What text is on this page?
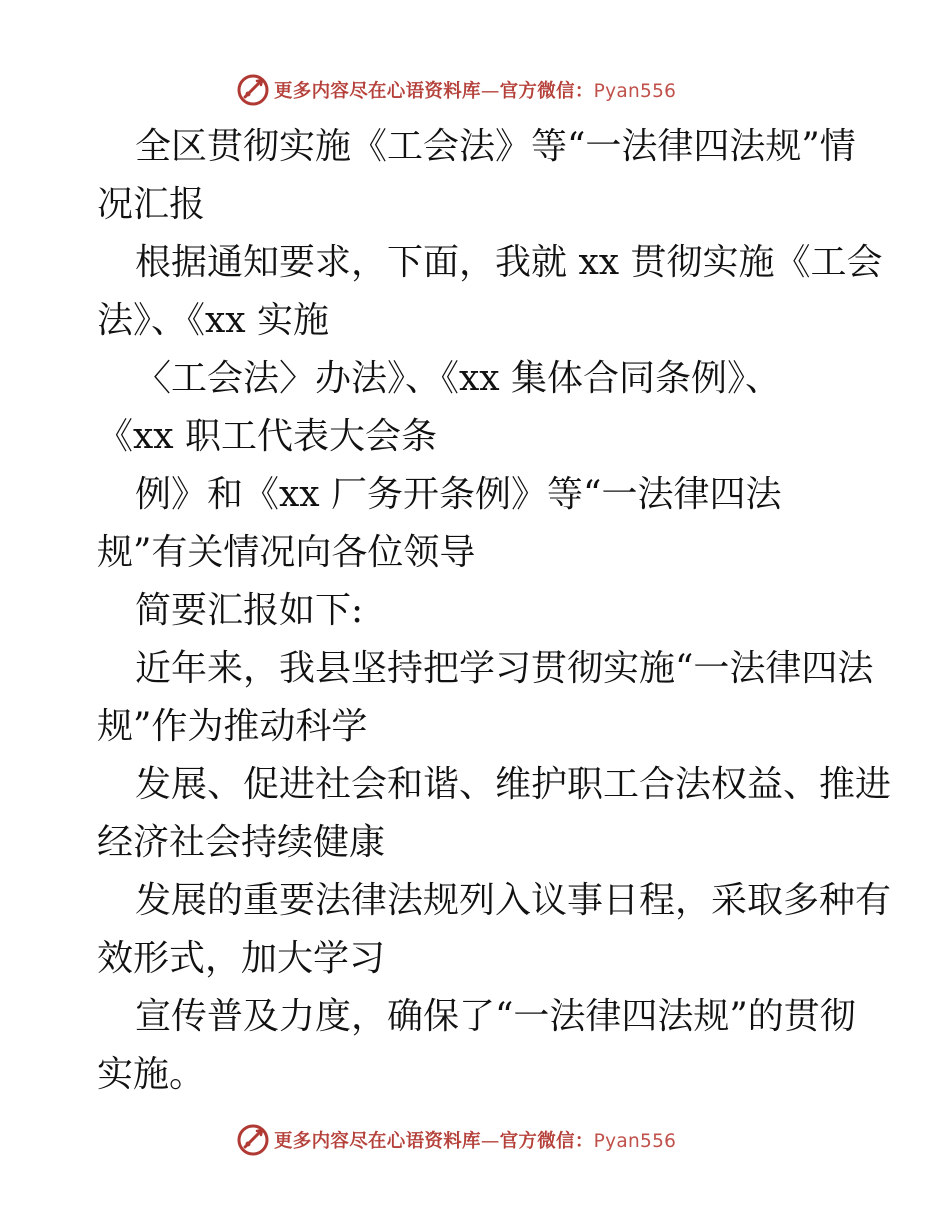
更多内容尽在心语资料库—官方微信：Pyan556

全区贯彻实施《工会法》等“一法律四法规”情

况汇报

根据通知要求，下面，我就 xx 贯彻实施《工会

法》、《xx 实施

〈工会法〉办法》、《xx 集体合同条例》、

《xx 职工代表大会条

例》和《xx 厂务开条例》等“一法律四法

规”有关情况向各位领导

简要汇报如下:

近年来，我县坚持把学习贯彻实施“一法律四法

规”作为推动科学

发展、促进社会和谐、维护职工合法权益、推进

经济社会持续健康

发展的重要法律法规列入议事日程，采取多种有

效形式，加大学习

宣传普及力度，确保了“一法律四法规”的贯彻

实施。

更多内容尽在心语资料库—官方微信：Pyan556
